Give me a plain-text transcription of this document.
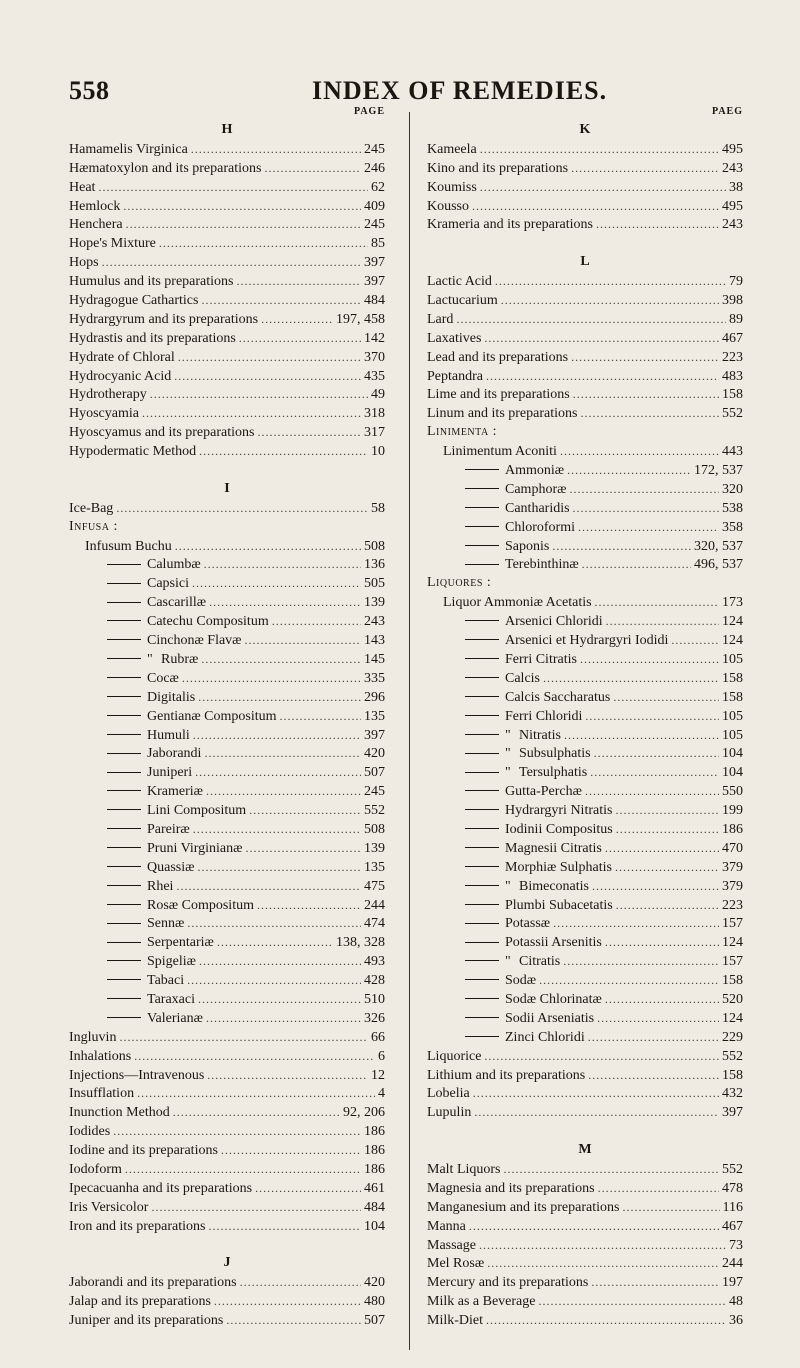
558	INDEX OF REMEDIES.
PAGE
H
Hamamelis Virginica .....	245
Hæmatoxylon and its preparations .....	246
Heat .....	62
Hemlock .....	409
Henchera .....	245
Hope's Mixture .....	85
Hops .....	397
Humulus and its preparations .....	397
Hydragogue Cathartics .....	484
Hydrargyrum and its preparations .....	197, 458
Hydrastis and its preparations .....	142
Hydrate of Chloral .....	370
Hydrocyanic Acid .....	435
Hydrotherapy .....	49
Hyoscyamia .....	318
Hyoscyamus and its preparations .....	317
Hypodermatic Method .....	10
I
Ice-Bag .....	58
Infusa :
Infusum Buchu .....	508
Calumbæ .....	136
Capsici .....	505
Cascarillæ .....	139
Catechu Compositum .....	243
Cinchonæ Flavæ .....	143
" Rubræ .....	145
Cocæ .....	335
Digitalis .....	296
Gentianæ Compositum .....	135
Humuli .....	397
Jaborandi .....	420
Juniperi .....	507
Krameriæ .....	245
Lini Compositum .....	552
Pareiræ .....	508
Pruni Virginianæ .....	139
Quassiæ .....	135
Rhei .....	475
Rosæ Compositum .....	244
Sennæ .....	474
Serpentariæ .....	138, 328
Spigeliæ .....	493
Tabaci .....	428
Taraxaci .....	510
Valerianæ .....	326
Ingluvin .....	66
Inhalations .....	6
Injections—Intravenous .....	12
Insufflation .....	4
Inunction Method .....	92, 206
Iodides .....	186
Iodine and its preparations .....	186
Iodoform .....	186
Ipecacuanha and its preparations .....	461
Iris Versicolor .....	484
Iron and its preparations .....	104
J
Jaborandi and its preparations .....	420
Jalap and its preparations .....	480
Juniper and its preparations .....	507
PAEG
K
Kameela .....	495
Kino and its preparations .....	243
Koumiss .....	38
Kousso .....	495
Krameria and its preparations .....	243
L
Lactic Acid .....	79
Lactucarium .....	398
Lard .....	89
Laxatives .....	467
Lead and its preparations .....	223
Peptandra .....	483
Lime and its preparations .....	158
Linum and its preparations .....	552
Linimenta :
Linimentum Aconiti .....	443
Ammoniæ .....	172, 537
Camphoræ .....	320
Cantharidis .....	538
Chloroformi .....	358
Saponis .....	320, 537
Terebinthinæ .....	496, 537
Liquores :
Liquor Ammoniæ Acetatis .....	173
Arsenici Chloridi .....	124
Arsenici et Hydrargyri Iodidi .....	124
Ferri Citratis .....	105
Calcis .....	158
Calcis Saccharatus .....	158
Ferri Chloridi .....	105
" Nitratis .....	105
" Subsulphatis .....	104
" Tersulphatis .....	104
Gutta-Perchæ .....	550
Hydrargyri Nitratis .....	199
Iodinii Compositus .....	186
Magnesii Citratis .....	470
Morphiæ Sulphatis .....	379
" Bimeconatis .....	379
Plumbi Subacetatis .....	223
Potassæ .....	157
Potassii Arsenitis .....	124
" Citratis .....	157
Sodæ .....	158
Sodæ Chlorinatæ .....	520
Sodii Arseniatis .....	124
Zinci Chloridi .....	229
Liquorice .....	552
Lithium and its preparations .....	158
Lobelia .....	432
Lupulin .....	397
M
Malt Liquors .....	552
Magnesia and its preparations .....	478
Manganesium and its preparations .....	116
Manna .....	467
Massage .....	73
Mel Rosæ .....	244
Mercury and its preparations .....	197
Milk as a Beverage .....	48
Milk-Diet .....	36
